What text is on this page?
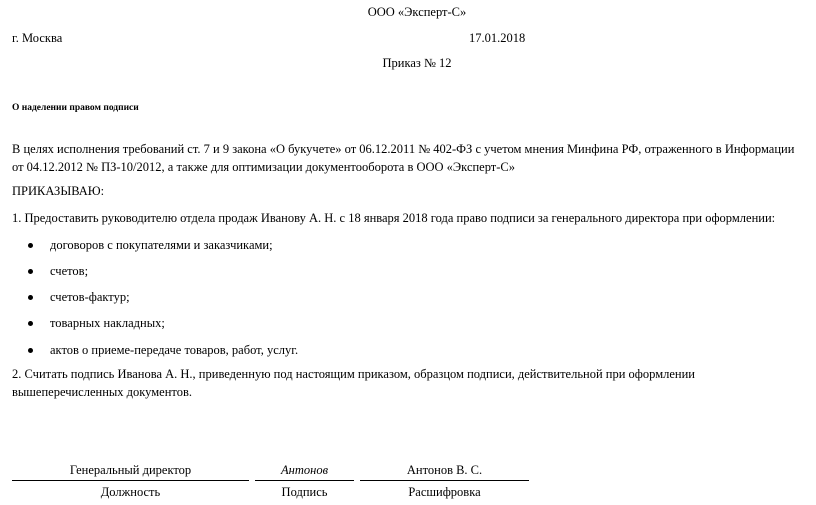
ООО «Эксперт-С»
г. Москва	17.01.2018
Приказ № 12
О наделении правом подписи
В целях исполнения требований ст. 7 и 9 закона «О букучете» от 06.12.2011 № 402-ФЗ с учетом мнения Минфина РФ, отраженного в Информации
от 04.12.2012 № ПЗ-10/2012, а также для оптимизации документооборота в ООО «Эксперт-С»
ПРИКАЗЫВАЮ:
1. Предоставить руководителю отдела продаж Иванову А. Н. с 18 января 2018 года право подписи за генерального директора при оформлении:
договоров с покупателями и заказчиками;
счетов;
счетов-фактур;
товарных накладных;
актов о приеме-передаче товаров, работ, услуг.
2. Считать подпись Иванова А. Н., приведенную под настоящим приказом, образцом подписи, действительной при оформлении
вышеперечисленных документов.
Генеральный директор	Антонов	Антонов В. С.
Должность	Подпись	Расшифровка
